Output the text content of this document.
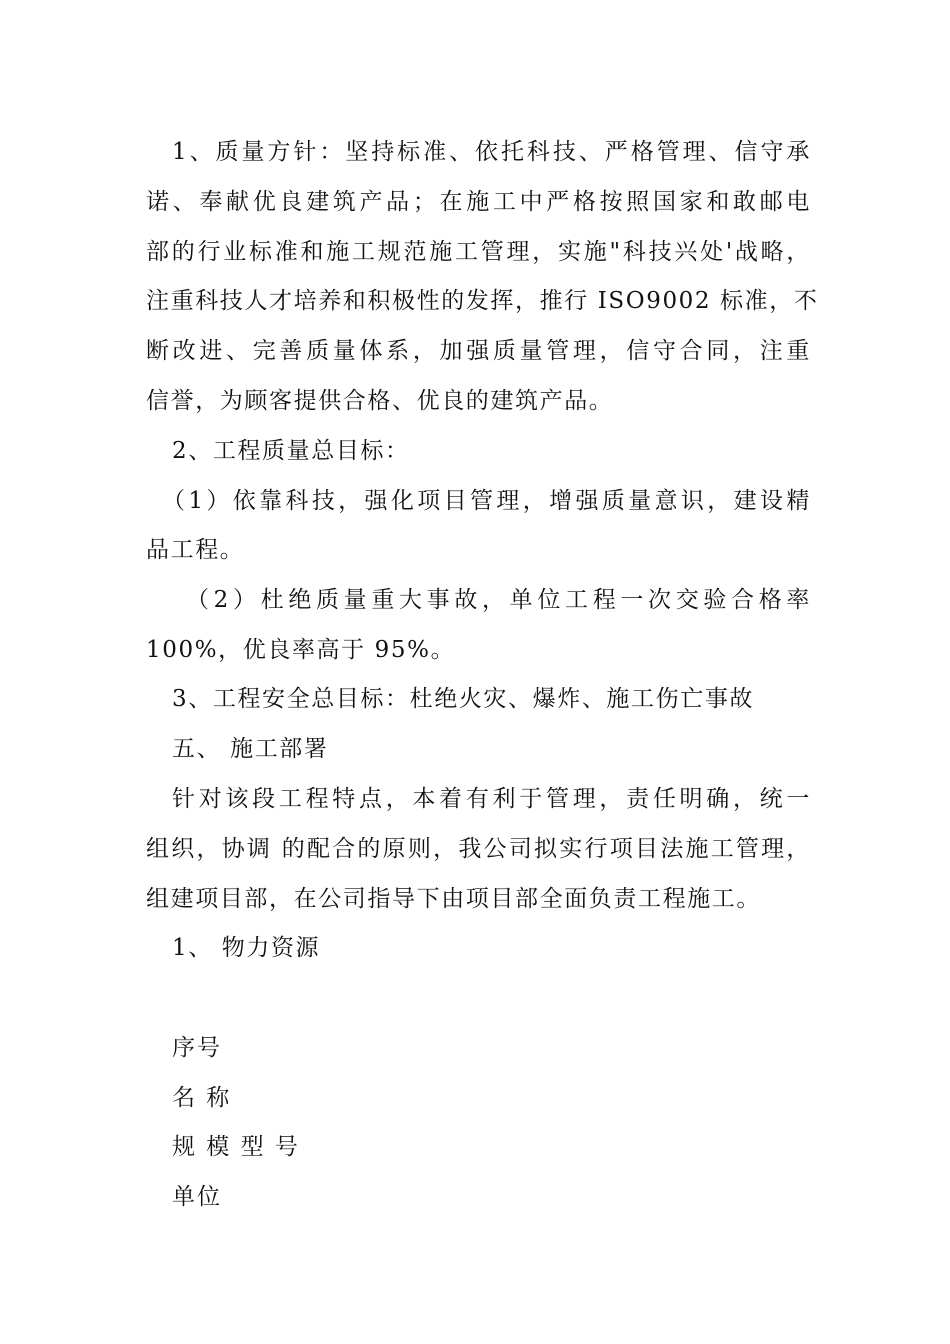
1、质量方针：坚持标准、依托科技、严格管理、信守承
诺、奉献优良建筑产品；在施工中严格按照国家和敢邮电
部的行业标准和施工规范施工管理，实施"科技兴处'战略，
注重科技人才培养和积极性的发挥，推行 ISO9002 标准，不
断改进、完善质量体系，加强质量管理，信守合同，注重
信誉，为顾客提供合格、优良的建筑产品。
2、工程质量总目标：
（1）依靠科技，强化项目管理，增强质量意识，建设精
品工程。
（2）杜绝质量重大事故，单位工程一次交验合格率
100%，优良率高于 95%。
3、工程安全总目标：杜绝火灾、爆炸、施工伤亡事故
五、 施工部署
针对该段工程特点，本着有利于管理，责任明确，统一
组织，协调 的配合的原则，我公司拟实行项目法施工管理，
组建项目部，在公司指导下由项目部全面负责工程施工。
1、 物力资源
序号
名 称
规 模 型 号
单位
